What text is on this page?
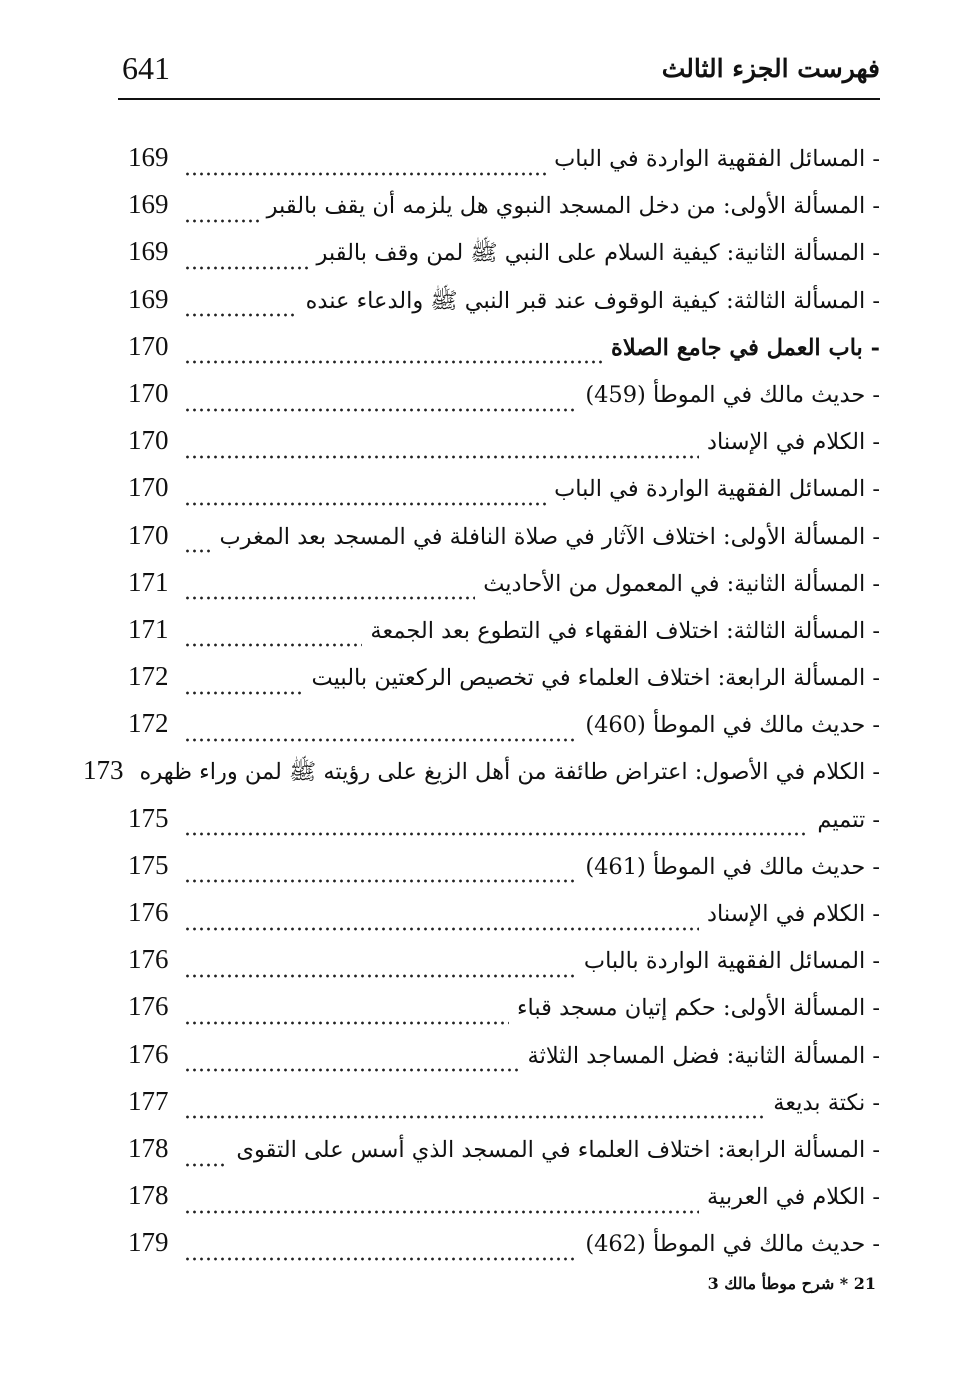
641	فهرست الجزء الثالث
- المسائل الفقهية الواردة في الباب
169
- المسألة الأولى: من دخل المسجد النبوي هل يلزمه أن يقف بالقبر
169
- المسألة الثانية: كيفية السلام على النبي ﷺ لمن وقف بالقبر
169
- المسألة الثالثة: كيفية الوقوف عند قبر النبي ﷺ والدعاء عنده
169
- باب العمل في جامع الصلاة
170
- حديث مالك في الموطأ (459)
170
- الكلام في الإسناد
170
- المسائل الفقهية الواردة في الباب
170
- المسألة الأولى: اختلاف الآثار في صلاة النافلة في المسجد بعد المغرب
170
- المسألة الثانية: في المعمول من الأحاديث
171
- المسألة الثالثة: اختلاف الفقهاء في التطوع بعد الجمعة
171
- المسألة الرابعة: اختلاف العلماء في تخصيص الركعتين بالبيت
172
- حديث مالك في الموطأ (460)
172
- الكلام في الأصول: اعتراض طائفة من أهل الزيغ على رؤيته ﷺ لمن وراء ظهره
173
- تتميم
175
- حديث مالك في الموطأ (461)
175
- الكلام في الإسناد
176
- المسائل الفقهية الواردة بالباب
176
- المسألة الأولى: حكم إتيان مسجد قباء
176
- المسألة الثانية: فضل المساجد الثلاثة
176
- نكتة بديعة
177
- المسألة الرابعة: اختلاف العلماء في المسجد الذي أسس على التقوى
178
- الكلام في العربية
178
- حديث مالك في الموطأ (462)
179
21 * شرح موطأ مالك 3
